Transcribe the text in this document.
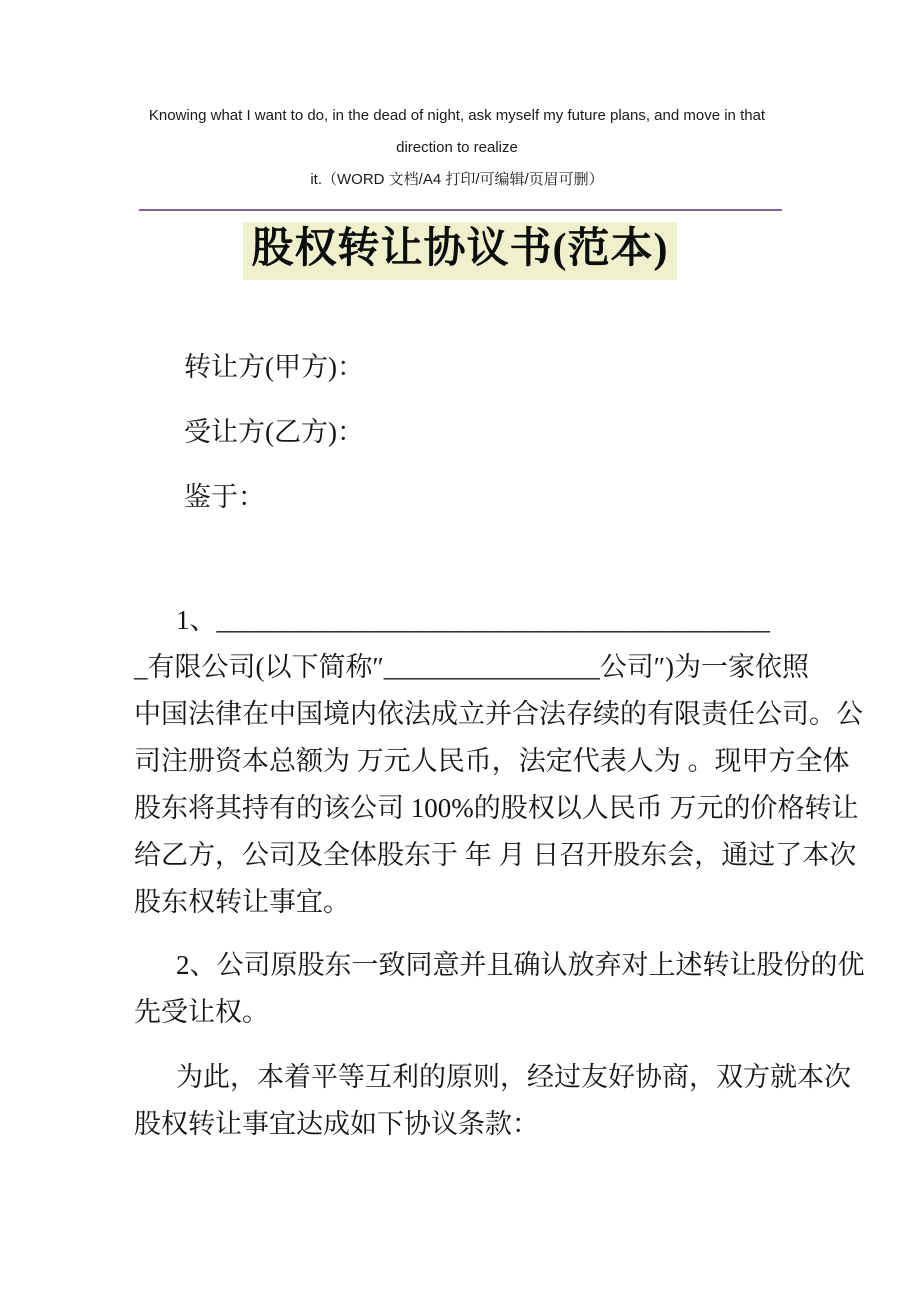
Knowing what I want to do, in the dead of night, ask myself my future plans, and move in that direction to realize
it.（WORD 文档/A4 打印/可编辑/页眉可删）
股权转让协议书(范本)
转让方(甲方)：
受让方(乙方)：
鉴于：
1、_________________________________________
_有限公司(以下简称″________________公司″)为一家依照
中国法律在中国境内依法成立并合法存续的有限责任公司。公
司注册资本总额为 万元人民币，法定代表人为 。现甲方全体
股东将其持有的该公司 100%的股权以人民币 万元的价格转让
给乙方，公司及全体股东于 年 月 日召开股东会，通过了本次
股东权转让事宜。
2、公司原股东一致同意并且确认放弃对上述转让股份的优
先受让权。
为此，本着平等互利的原则，经过友好协商，双方就本次
股权转让事宜达成如下协议条款：
